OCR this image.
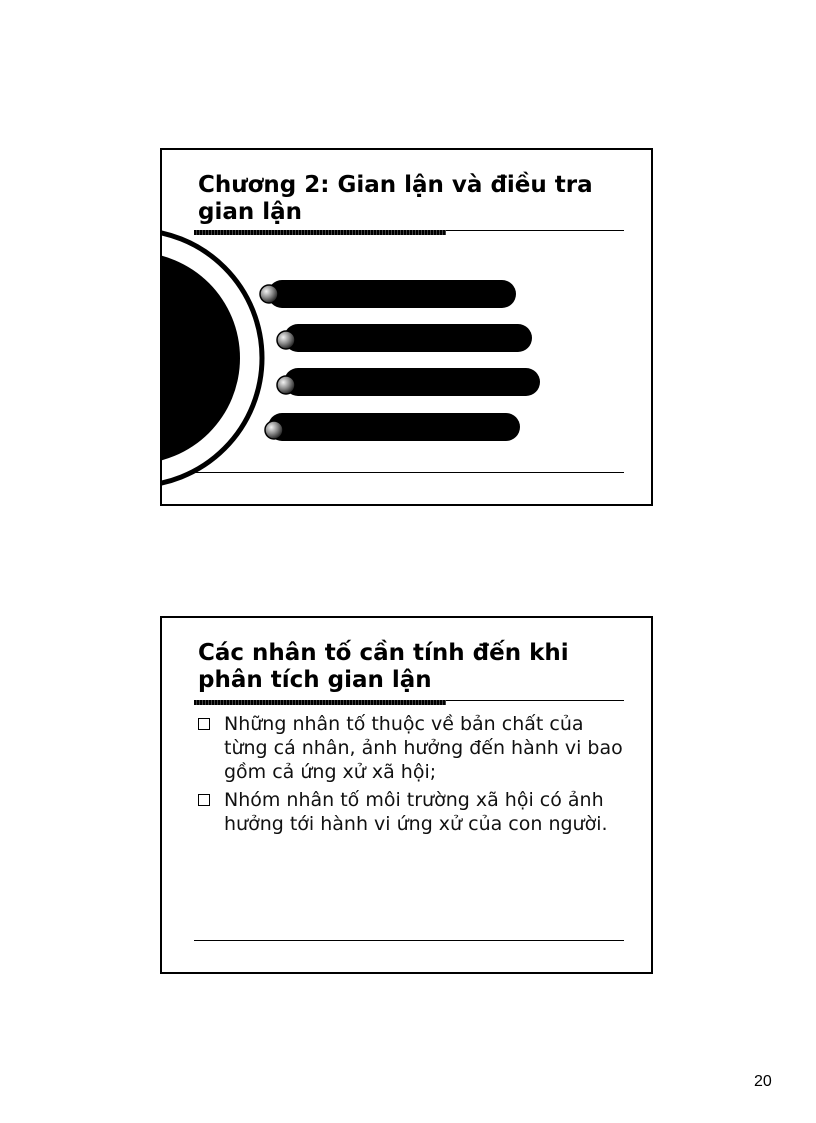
Chương 2: Gian lận và điều tra gian lận
Các nhân tố cần tính đến khi phân tích gian lận
Những nhân tố thuộc về bản chất của từng cá nhân, ảnh hưởng đến hành vi bao gồm cả ứng xử xã hội;
Nhóm nhân tố môi trường xã hội có ảnh hưởng tới hành vi ứng xử của con người.
20
